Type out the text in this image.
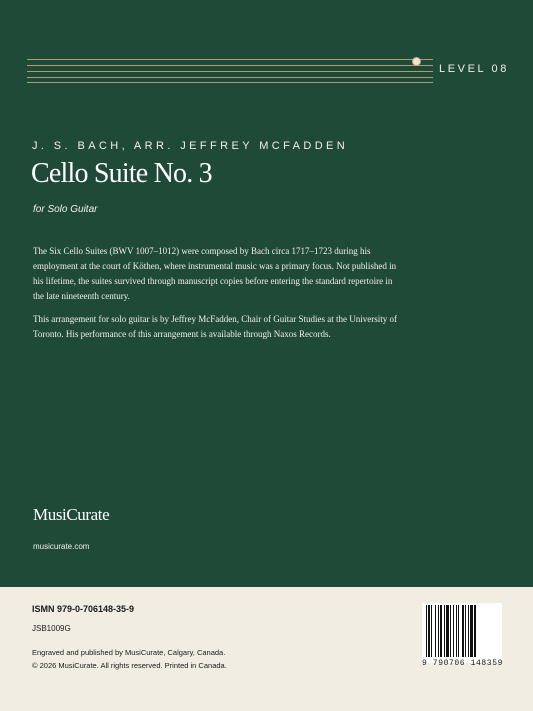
LEVEL 08
J. S. BACH, ARR. JEFFREY MCFADDEN
Cello Suite No. 3
for Solo Guitar

The Six Cello Suites (BWV 1007–1012) were composed by Bach circa 1717–1723 during his employment at the court of Köthen, where instrumental music was a primary focus. Not published in his lifetime, the suites survived through manuscript copies before entering the standard repertoire in the late nineteenth century.

This arrangement for solo guitar is by Jeffrey McFadden, Chair of Guitar Studies at the University of Toronto. His performance of this arrangement is available through Naxos Records.

MusiCurate
musicurate.com
ISMN 979-0-706148-35-9
JSB1009G
Engraved and published by MusiCurate, Calgary, Canada.
© 2026 MusiCurate. All rights reserved. Printed in Canada.	9 790706 148359
